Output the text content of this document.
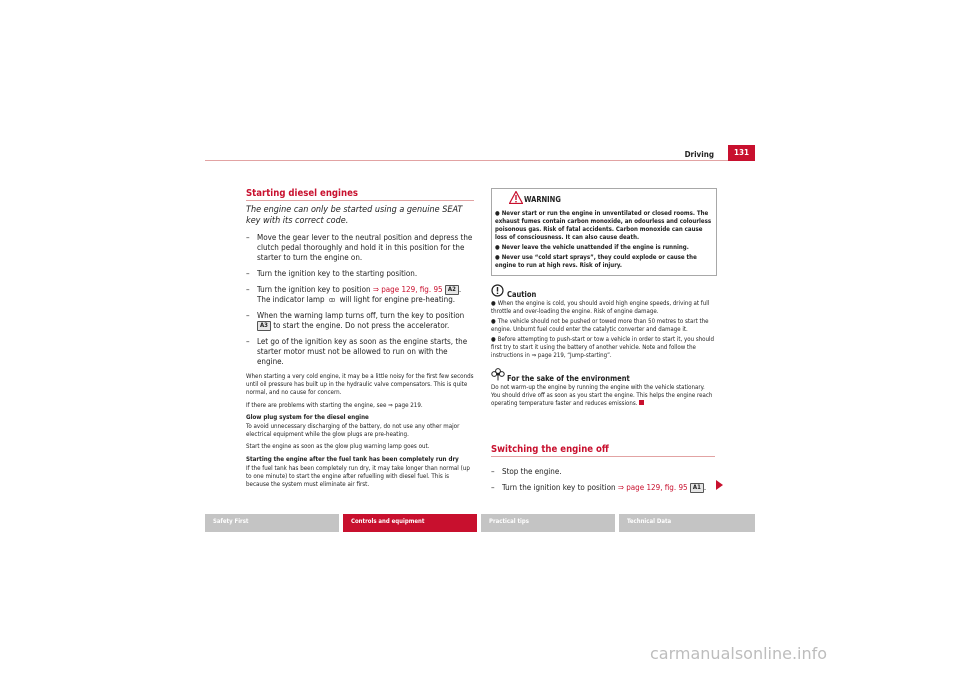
Driving	131
Starting diesel engines
The engine can only be started using a genuine SEAT key with its correct code.
– Move the gear lever to the neutral position and depress the clutch pedal thoroughly and hold it in this position for the starter to turn the engine on.
– Turn the ignition key to the starting position.
– Turn the ignition key to position ⇒ page 129, fig. 95 A2 . The indicator lamp ꝏ will light for engine pre-heating.
– When the warning lamp turns off, turn the key to position A3 to start the engine. Do not press the accelerator.
– Let go of the ignition key as soon as the engine starts, the starter motor must not be allowed to run on with the engine.

When starting a very cold engine, it may be a little noisy for the first few seconds until oil pressure has built up in the hydraulic valve compensators. This is quite normal, and no cause for concern.

If there are problems with starting the engine, see ⇒ page 219.

Glow plug system for the diesel engine

To avoid unnecessary discharging of the battery, do not use any other major electrical equipment while the glow plugs are pre-heating.

Start the engine as soon as the glow plug warning lamp goes out.

Starting the engine after the fuel tank has been completely run dry

If the fuel tank has been completely run dry, it may take longer than normal (up to one minute) to start the engine after refuelling with diesel fuel. This is because the system must eliminate air first.

WARNING

● Never start or run the engine in unventilated or closed rooms. The exhaust fumes contain carbon monoxide, an odourless and colourless poisonous gas. Risk of fatal accidents. Carbon monoxide can cause loss of consciousness. It can also cause death.

● Never leave the vehicle unattended if the engine is running.

● Never use “cold start sprays”, they could explode or cause the engine to run at high revs. Risk of injury.

Caution

● When the engine is cold, you should avoid high engine speeds, driving at full throttle and over-loading the engine. Risk of engine damage.

● The vehicle should not be pushed or towed more than 50 metres to start the engine. Unburnt fuel could enter the catalytic converter and damage it.

● Before attempting to push-start or tow a vehicle in order to start it, you should first try to start it using the battery of another vehicle. Note and follow the instructions in ⇒ page 219, “Jump-starting”.

For the sake of the environment

Do not warm-up the engine by running the engine with the vehicle stationary. You should drive off as soon as you start the engine. This helps the engine reach operating temperature faster and reduces emissions.

Switching the engine off
– Stop the engine.
– Turn the ignition key to position ⇒ page 129, fig. 95 A1 .
Safety First	Controls and equipment	Practical tips	Technical Data
carmanualsonline.info
